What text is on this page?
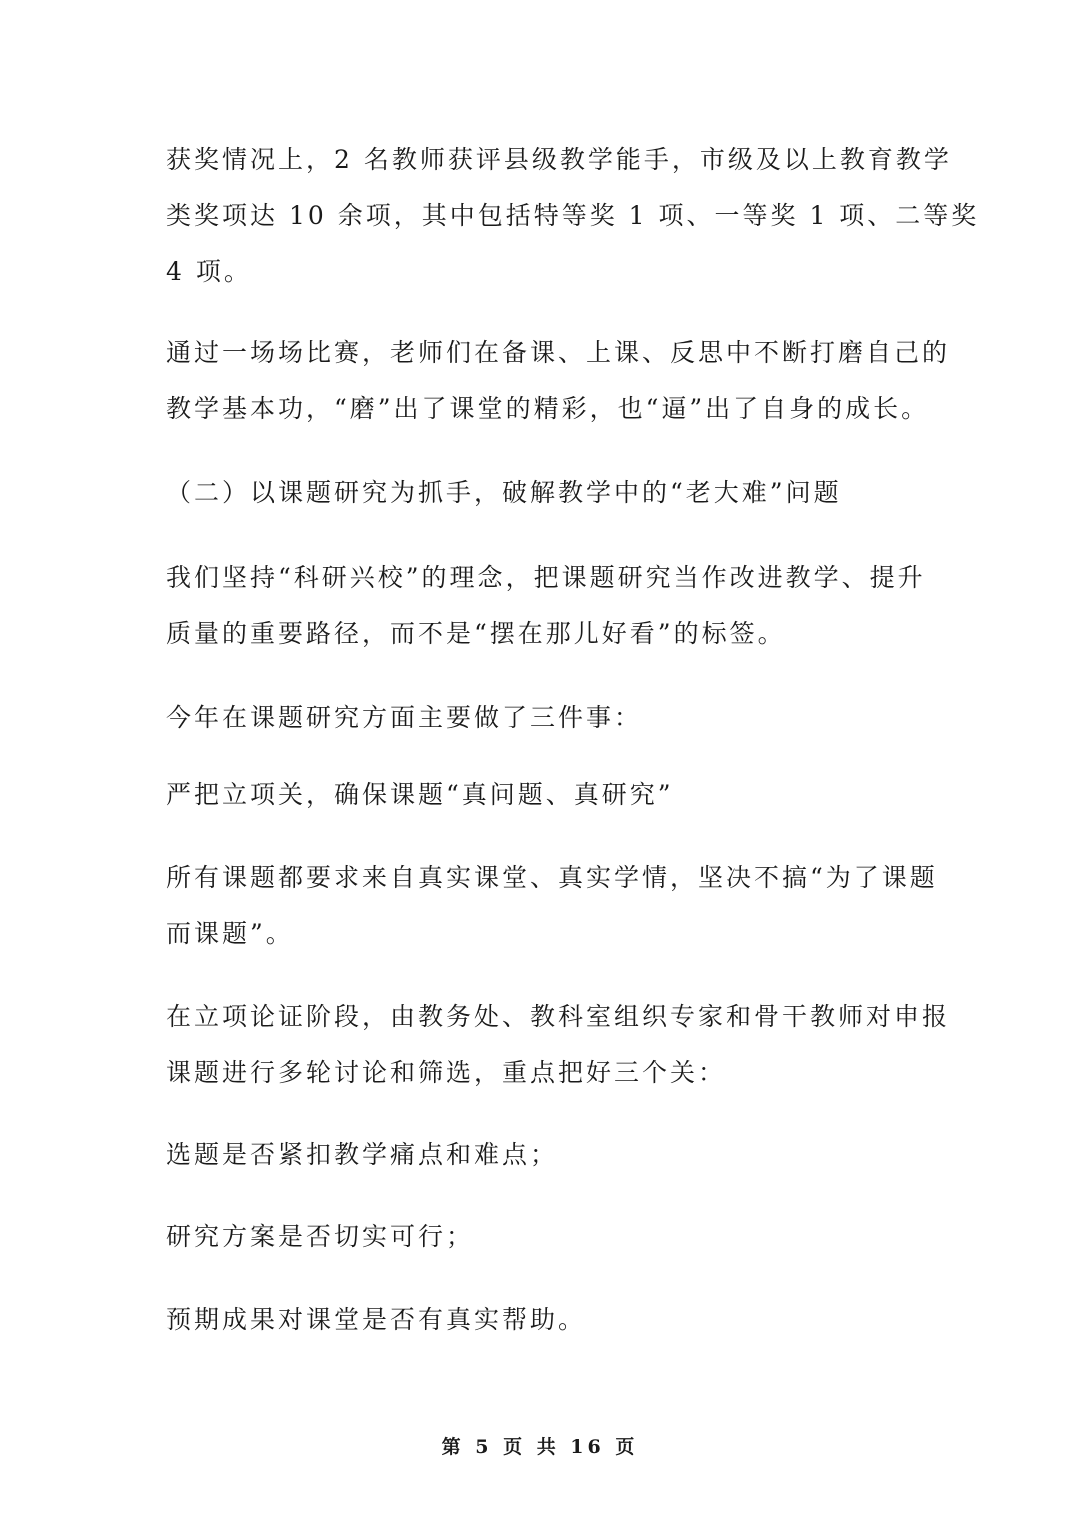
获奖情况上，2 名教师获评县级教学能手，市级及以上教育教学
类奖项达 10 余项，其中包括特等奖 1 项、一等奖 1 项、二等奖
4 项。

通过一场场比赛，老师们在备课、上课、反思中不断打磨自己的
教学基本功，“磨”出了课堂的精彩，也“逼”出了自身的成长。

（二）以课题研究为抓手，破解教学中的“老大难”问题

我们坚持“科研兴校”的理念，把课题研究当作改进教学、提升
质量的重要路径，而不是“摆在那儿好看”的标签。

今年在课题研究方面主要做了三件事：

严把立项关，确保课题“真问题、真研究”

所有课题都要求来自真实课堂、真实学情，坚决不搞“为了课题
而课题”。

在立项论证阶段，由教务处、教科室组织专家和骨干教师对申报
课题进行多轮讨论和筛选，重点把好三个关：

选题是否紧扣教学痛点和难点；

研究方案是否切实可行；

预期成果对课堂是否有真实帮助。

第 5 页 共 16 页
